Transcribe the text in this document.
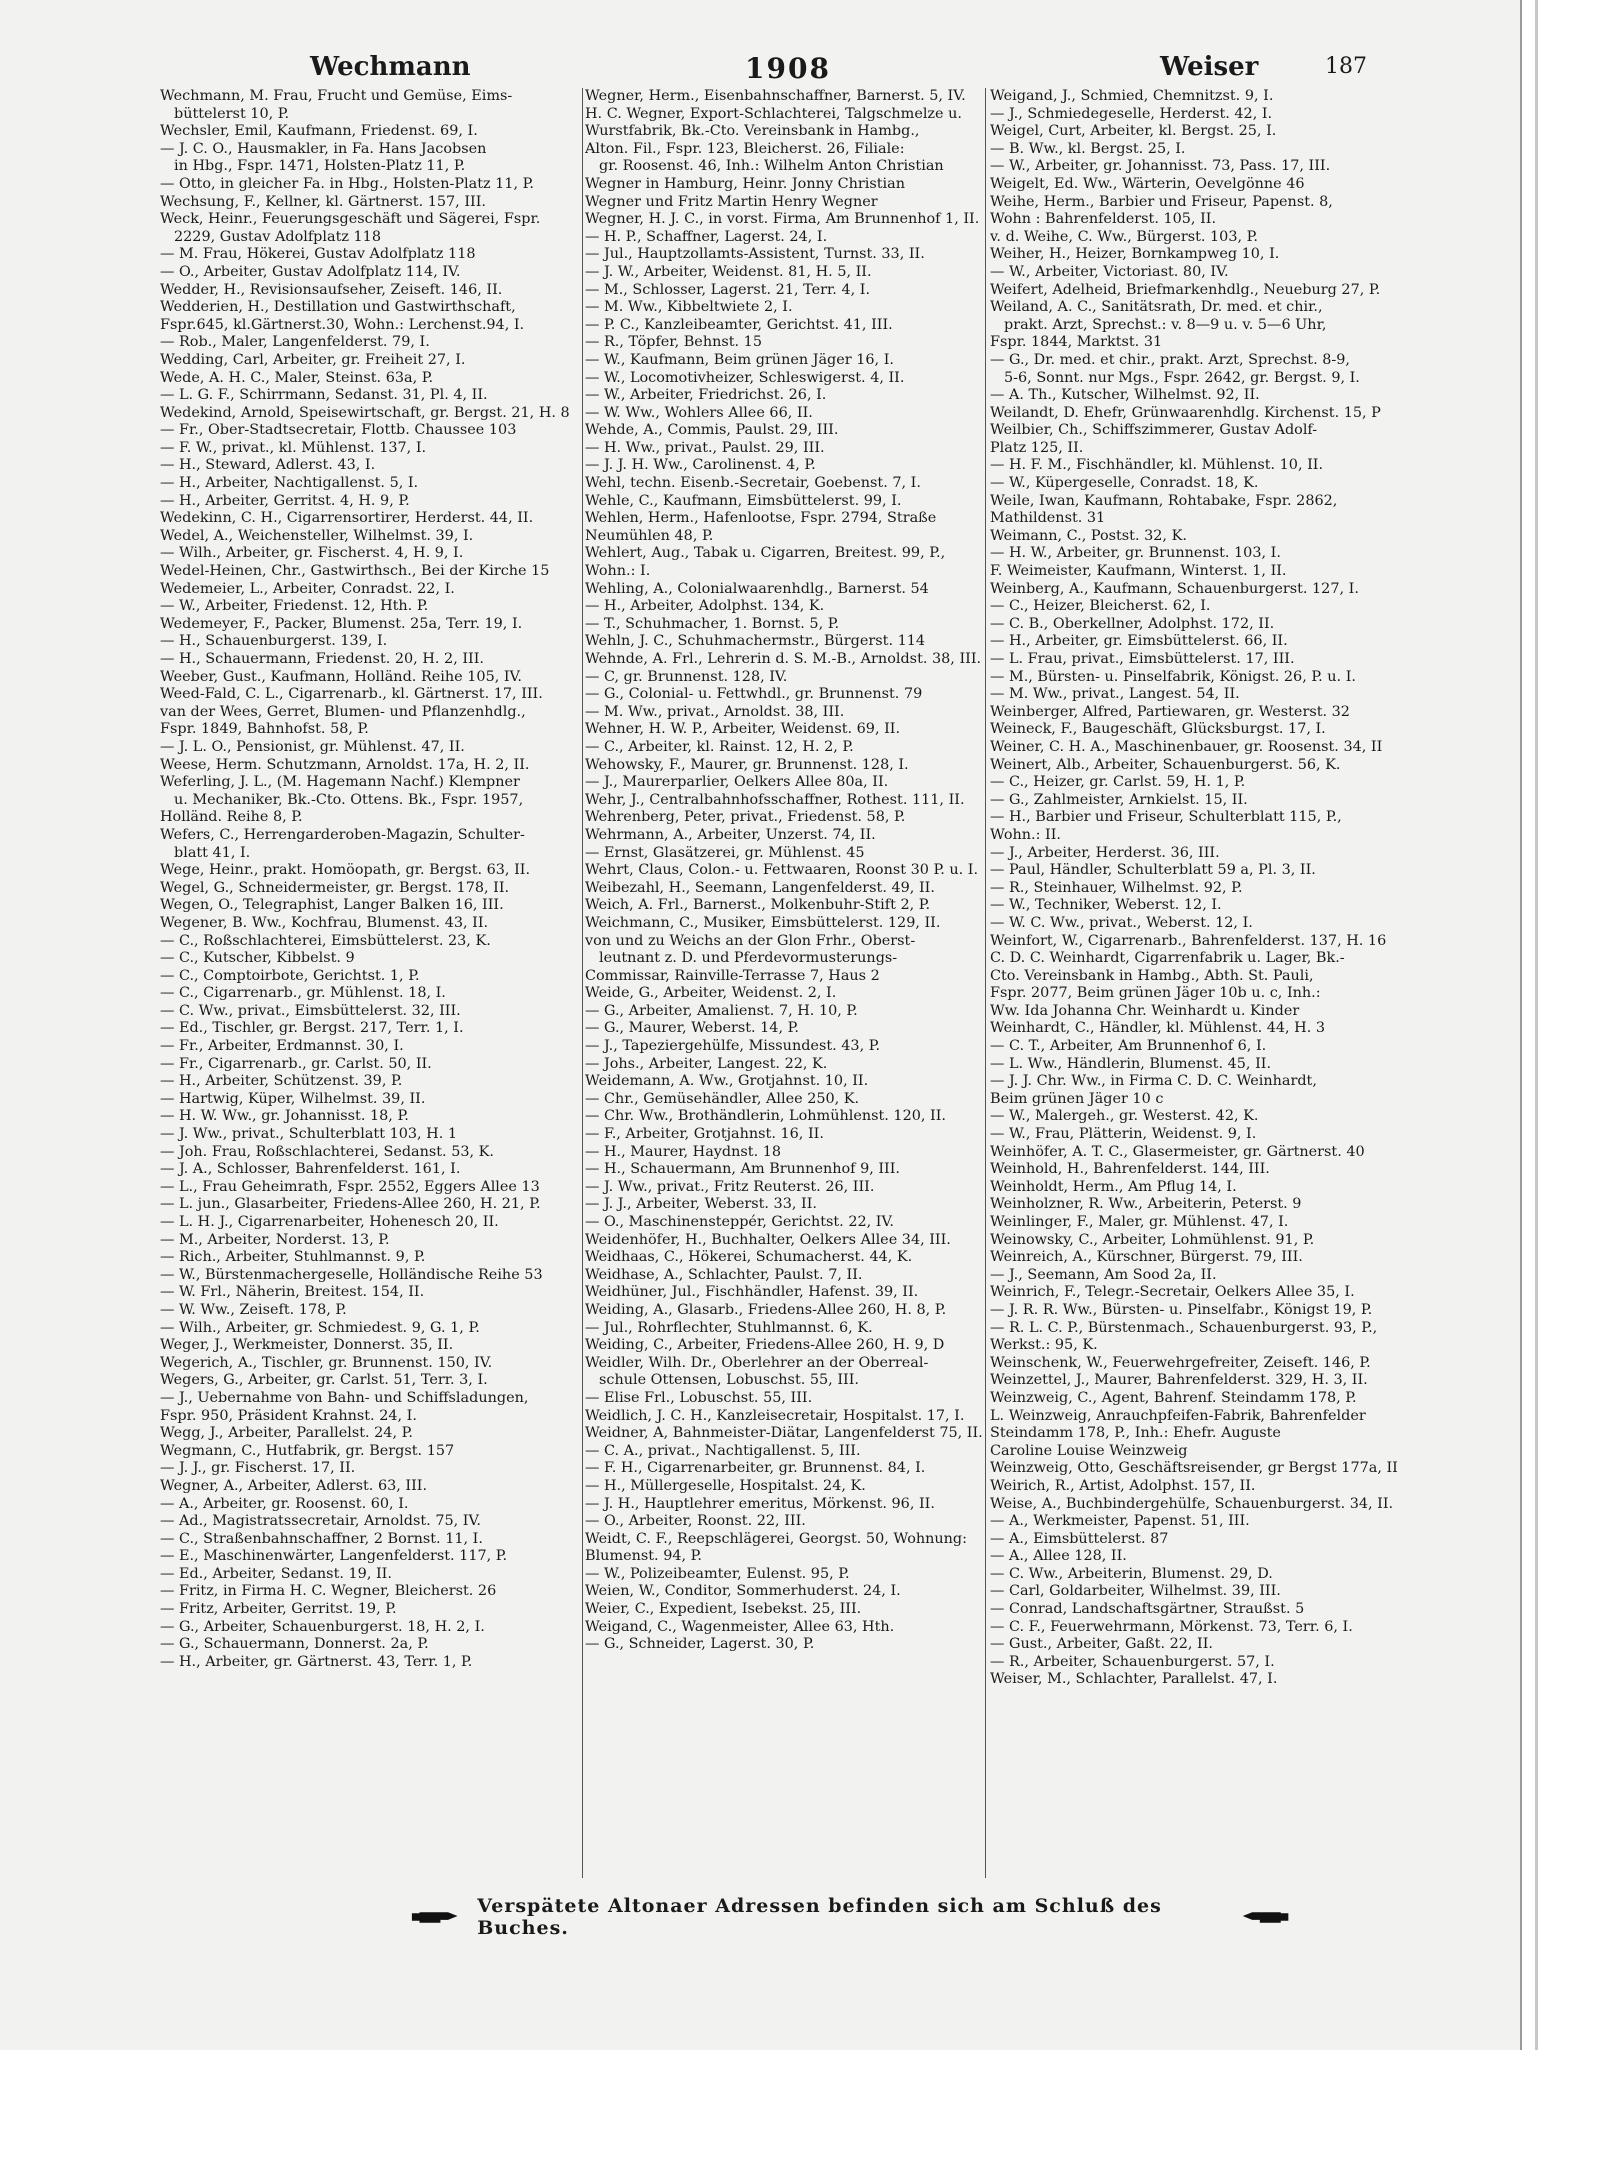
Wechmann	1908	Weiser	187
Wechmann, M. Frau, Frucht und Gemüse, Eims-
büttelerst 10, P.
Wechsler, Emil, Kaufmann, Friedenst. 69, I.
— J. C. O., Hausmakler, in Fa. Hans Jacobsen
in Hbg., Fspr. 1471, Holsten-Platz 11, P.
— Otto, in gleicher Fa. in Hbg., Holsten-Platz 11, P.
Wechsung, F., Kellner, kl. Gärtnerst. 157, III.
Weck, Heinr., Feuerungsgeschäft und Sägerei, Fspr.
2229, Gustav Adolfplatz 118
— M. Frau, Hökerei, Gustav Adolfplatz 118
— O., Arbeiter, Gustav Adolfplatz 114, IV.
Wedder, H., Revisionsaufseher, Zeiseft. 146, II.
Wedderien, H., Destillation und Gastwirthschaft,
Fspr.645, kl.Gärtnerst.30, Wohn.: Lerchenst.94, I.
— Rob., Maler, Langenfelderst. 79, I.
Wedding, Carl, Arbeiter, gr. Freiheit 27, I.
Wede, A. H. C., Maler, Steinst. 63a, P.
— L. G. F., Schirrmann, Sedanst. 31, Pl. 4, II.
Wedekind, Arnold, Speisewirtschaft, gr. Bergst. 21, H. 8
— Fr., Ober-Stadtsecretair, Flottb. Chaussee 103
— F. W., privat., kl. Mühlenst. 137, I.
— H., Steward, Adlerst. 43, I.
— H., Arbeiter, Nachtigallenst. 5, I.
— H., Arbeiter, Gerritst. 4, H. 9, P.
Wedekinn, C. H., Cigarrensortirer, Herderst. 44, II.
Wedel, A., Weichensteller, Wilhelmst. 39, I.
— Wilh., Arbeiter, gr. Fischerst. 4, H. 9, I.
Wedel-Heinen, Chr., Gastwirthsch., Bei der Kirche 15
Wedemeier, L., Arbeiter, Conradst. 22, I.
— W., Arbeiter, Friedenst. 12, Hth. P.
Wedemeyer, F., Packer, Blumenst. 25a, Terr. 19, I.
— H., Schauenburgerst. 139, I.
— H., Schauermann, Friedenst. 20, H. 2, III.
Weeber, Gust., Kaufmann, Holländ. Reihe 105, IV.
Weed-Fald, C. L., Cigarrenarb., kl. Gärtnerst. 17, III.
van der Wees, Gerret, Blumen- und Pflanzenhdlg.,
Fspr. 1849, Bahnhofst. 58, P.
— J. L. O., Pensionist, gr. Mühlenst. 47, II.
Weese, Herm. Schutzmann, Arnoldst. 17a, H. 2, II.
Weferling, J. L., (M. Hagemann Nachf.) Klempner
u. Mechaniker, Bk.-Cto. Ottens. Bk., Fspr. 1957,
Holländ. Reihe 8, P.
Wefers, C., Herrengarderoben-Magazin, Schulter-
blatt 41, I.
Wege, Heinr., prakt. Homöopath, gr. Bergst. 63, II.
Wegel, G., Schneidermeister, gr. Bergst. 178, II.
Wegen, O., Telegraphist, Langer Balken 16, III.
Wegener, B. Ww., Kochfrau, Blumenst. 43, II.
— C., Roßschlachterei, Eimsbüttelerst. 23, K.
— C., Kutscher, Kibbelst. 9
— C., Comptoirbote, Gerichtst. 1, P.
— C., Cigarrenarb., gr. Mühlenst. 18, I.
— C. Ww., privat., Eimsbüttelerst. 32, III.
— Ed., Tischler, gr. Bergst. 217, Terr. 1, I.
— Fr., Arbeiter, Erdmannst. 30, I.
— Fr., Cigarrenarb., gr. Carlst. 50, II.
— H., Arbeiter, Schützenst. 39, P.
— Hartwig, Küper, Wilhelmst. 39, II.
— H. W. Ww., gr. Johannisst. 18, P.
— J. Ww., privat., Schulterblatt 103, H. 1
— Joh. Frau, Roßschlachterei, Sedanst. 53, K.
— J. A., Schlosser, Bahrenfelderst. 161, I.
— L., Frau Geheimrath, Fspr. 2552, Eggers Allee 13
— L. jun., Glasarbeiter, Friedens-Allee 260, H. 21, P.
— L. H. J., Cigarrenarbeiter, Hohenesch 20, II.
— M., Arbeiter, Norderst. 13, P.
— Rich., Arbeiter, Stuhlmannst. 9, P.
— W., Bürstenmachergeselle, Holländische Reihe 53
— W. Frl., Näherin, Breitest. 154, II.
— W. Ww., Zeiseft. 178, P.
— Wilh., Arbeiter, gr. Schmiedest. 9, G. 1, P.
Weger, J., Werkmeister, Donnerst. 35, II.
Wegerich, A., Tischler, gr. Brunnenst. 150, IV.
Wegers, G., Arbeiter, gr. Carlst. 51, Terr. 3, I.
— J., Uebernahme von Bahn- und Schiffsladungen,
Fspr. 950, Präsident Krahnst. 24, I.
Wegg, J., Arbeiter, Parallelst. 24, P.
Wegmann, C., Hutfabrik, gr. Bergst. 157
— J. J., gr. Fischerst. 17, II.
Wegner, A., Arbeiter, Adlerst. 63, III.
— A., Arbeiter, gr. Roosenst. 60, I.
— Ad., Magistratssecretair, Arnoldst. 75, IV.
— C., Straßenbahnschaffner, 2 Bornst. 11, I.
— E., Maschinenwärter, Langenfelderst. 117, P.
— Ed., Arbeiter, Sedanst. 19, II.
— Fritz, in Firma H. C. Wegner, Bleicherst. 26
— Fritz, Arbeiter, Gerritst. 19, P.
— G., Arbeiter, Schauenburgerst. 18, H. 2, I.
— G., Schauermann, Donnerst. 2a, P.
— H., Arbeiter, gr. Gärtnerst. 43, Terr. 1, P.
Wegner, Herm., Eisenbahnschaffner, Barnerst. 5, IV.
H. C. Wegner, Export-Schlachterei, Talgschmelze u.
Wurstfabrik, Bk.-Cto. Vereinsbank in Hambg.,
Alton. Fil., Fspr. 123, Bleicherst. 26, Filiale:
gr. Roosenst. 46, Inh.: Wilhelm Anton Christian
Wegner in Hamburg, Heinr. Jonny Christian
Wegner und Fritz Martin Henry Wegner
Wegner, H. J. C., in vorst. Firma, Am Brunnenhof 1, II.
— H. P., Schaffner, Lagerst. 24, I.
— Jul., Hauptzollamts-Assistent, Turnst. 33, II.
— J. W., Arbeiter, Weidenst. 81, H. 5, II.
— M., Schlosser, Lagerst. 21, Terr. 4, I.
— M. Ww., Kibbeltwiete 2, I.
— P. C., Kanzleibeamter, Gerichtst. 41, III.
— R., Töpfer, Behnst. 15
— W., Kaufmann, Beim grünen Jäger 16, I.
— W., Locomotivheizer, Schleswigerst. 4, II.
— W., Arbeiter, Friedrichst. 26, I.
— W. Ww., Wohlers Allee 66, II.
Wehde, A., Commis, Paulst. 29, III.
— H. Ww., privat., Paulst. 29, III.
— J. J. H. Ww., Carolinenst. 4, P.
Wehl, techn. Eisenb.-Secretair, Goebenst. 7, I.
Wehle, C., Kaufmann, Eimsbüttelerst. 99, I.
Wehlen, Herm., Hafenlootse, Fspr. 2794, Straße
Neumühlen 48, P.
Wehlert, Aug., Tabak u. Cigarren, Breitest. 99, P.,
Wohn.: I.
Wehling, A., Colonialwaarenhdlg., Barnerst. 54
— H., Arbeiter, Adolphst. 134, K.
— T., Schuhmacher, 1. Bornst. 5, P.
Wehln, J. C., Schuhmachermstr., Bürgerst. 114
Wehnde, A. Frl., Lehrerin d. S. M.-B., Arnoldst. 38, III.
— C, gr. Brunnenst. 128, IV.
— G., Colonial- u. Fettwhdl., gr. Brunnenst. 79
— M. Ww., privat., Arnoldst. 38, III.
Wehner, H. W. P., Arbeiter, Weidenst. 69, II.
— C., Arbeiter, kl. Rainst. 12, H. 2, P.
Wehowsky, F., Maurer, gr. Brunnenst. 128, I.
— J., Maurerparlier, Oelkers Allee 80a, II.
Wehr, J., Centralbahnhofsschaffner, Rothest. 111, II.
Wehrenberg, Peter, privat., Friedenst. 58, P.
Wehrmann, A., Arbeiter, Unzerst. 74, II.
— Ernst, Glasätzerei, gr. Mühlenst. 45
Wehrt, Claus, Colon.- u. Fettwaaren, Roonst 30 P. u. I.
Weibezahl, H., Seemann, Langenfelderst. 49, II.
Weich, A. Frl., Barnerst., Molkenbuhr-Stift 2, P.
Weichmann, C., Musiker, Eimsbüttelerst. 129, II.
von und zu Weichs an der Glon Frhr., Oberst-
leutnant z. D. und Pferdevormusterungs-
Commissar, Rainville-Terrasse 7, Haus 2
Weide, G., Arbeiter, Weidenst. 2, I.
— G., Arbeiter, Amalienst. 7, H. 10, P.
— G., Maurer, Weberst. 14, P.
— J., Tapeziergehülfe, Missundest. 43, P.
— Johs., Arbeiter, Langest. 22, K.
Weidemann, A. Ww., Grotjahnst. 10, II.
— Chr., Gemüsehändler, Allee 250, K.
— Chr. Ww., Brothändlerin, Lohmühlenst. 120, II.
— F., Arbeiter, Grotjahnst. 16, II.
— H., Maurer, Haydnst. 18
— H., Schauermann, Am Brunnenhof 9, III.
— J. Ww., privat., Fritz Reuterst. 26, III.
— J. J., Arbeiter, Weberst. 33, II.
— O., Maschinensteppér, Gerichtst. 22, IV.
Weidenhöfer, H., Buchhalter, Oelkers Allee 34, III.
Weidhaas, C., Hökerei, Schumacherst. 44, K.
Weidhase, A., Schlachter, Paulst. 7, II.
Weidhüner, Jul., Fischhändler, Hafenst. 39, II.
Weiding, A., Glasarb., Friedens-Allee 260, H. 8, P.
— Jul., Rohrflechter, Stuhlmannst. 6, K.
Weiding, C., Arbeiter, Friedens-Allee 260, H. 9, D
Weidler, Wilh. Dr., Oberlehrer an der Oberreal-
schule Ottensen, Lobuschst. 55, III.
— Elise Frl., Lobuschst. 55, III.
Weidlich, J. C. H., Kanzleisecretair, Hospitalst. 17, I.
Weidner, A, Bahnmeister-Diätar, Langenfelderst 75, II.
— C. A., privat., Nachtigallenst. 5, III.
— F. H., Cigarrenarbeiter, gr. Brunnenst. 84, I.
— H., Müllergeselle, Hospitalst. 24, K.
— J. H., Hauptlehrer emeritus, Mörkenst. 96, II.
— O., Arbeiter, Roonst. 22, III.
Weidt, C. F., Reepschlägerei, Georgst. 50, Wohnung:
Blumenst. 94, P.
— W., Polizeibeamter, Eulenst. 95, P.
Weien, W., Conditor, Sommerhuderst. 24, I.
Weier, C., Expedient, Isebekst. 25, III.
Weigand, C., Wagenmeister, Allee 63, Hth.
— G., Schneider, Lagerst. 30, P.
Weigand, J., Schmied, Chemnitzst. 9, I.
— J., Schmiedegeselle, Herderst. 42, I.
Weigel, Curt, Arbeiter, kl. Bergst. 25, I.
— B. Ww., kl. Bergst. 25, I.
— W., Arbeiter, gr. Johannisst. 73, Pass. 17, III.
Weigelt, Ed. Ww., Wärterin, Oevelgönne 46
Weihe, Herm., Barbier und Friseur, Papenst. 8,
Wohn : Bahrenfelderst. 105, II.
v. d. Weihe, C. Ww., Bürgerst. 103, P.
Weiher, H., Heizer, Bornkampweg 10, I.
— W., Arbeiter, Victoriast. 80, IV.
Weifert, Adelheid, Briefmarkenhdlg., Neueburg 27, P.
Weiland, A. C., Sanitätsrath, Dr. med. et chir.,
prakt. Arzt, Sprechst.: v. 8—9 u. v. 5—6 Uhr,
Fspr. 1844, Marktst. 31
— G., Dr. med. et chir., prakt. Arzt, Sprechst. 8-9,
5-6, Sonnt. nur Mgs., Fspr. 2642, gr. Bergst. 9, I.
— A. Th., Kutscher, Wilhelmst. 92, II.
Weilandt, D. Ehefr, Grünwaarenhdlg. Kirchenst. 15, P
Weilbier, Ch., Schiffszimmerer, Gustav Adolf-
Platz 125, II.
— H. F. M., Fischhändler, kl. Mühlenst. 10, II.
— W., Küpergeselle, Conradst. 18, K.
Weile, Iwan, Kaufmann, Rohtabake, Fspr. 2862,
Mathildenst. 31
Weimann, C., Postst. 32, K.
— H. W., Arbeiter, gr. Brunnenst. 103, I.
F. Weimeister, Kaufmann, Winterst. 1, II.
Weinberg, A., Kaufmann, Schauenburgerst. 127, I.
— C., Heizer, Bleicherst. 62, I.
— C. B., Oberkellner, Adolphst. 172, II.
— H., Arbeiter, gr. Eimsbüttelerst. 66, II.
— L. Frau, privat., Eimsbüttelerst. 17, III.
— M., Bürsten- u. Pinselfabrik, Königst. 26, P. u. I.
— M. Ww., privat., Langest. 54, II.
Weinberger, Alfred, Partiewaren, gr. Westerst. 32
Weineck, F., Baugeschäft, Glücksburgst. 17, I.
Weiner, C. H. A., Maschinenbauer, gr. Roosenst. 34, II
Weinert, Alb., Arbeiter, Schauenburgerst. 56, K.
— C., Heizer, gr. Carlst. 59, H. 1, P.
— G., Zahlmeister, Arnkielst. 15, II.
— H., Barbier und Friseur, Schulterblatt 115, P.,
Wohn.: II.
— J., Arbeiter, Herderst. 36, III.
— Paul, Händler, Schulterblatt 59 a, Pl. 3, II.
— R., Steinhauer, Wilhelmst. 92, P.
— W., Techniker, Weberst. 12, I.
— W. C. Ww., privat., Weberst. 12, I.
Weinfort, W., Cigarrenarb., Bahrenfelderst. 137, H. 16
C. D. C. Weinhardt, Cigarrenfabrik u. Lager, Bk.-
Cto. Vereinsbank in Hambg., Abth. St. Pauli,
Fspr. 2077, Beim grünen Jäger 10b u. c, Inh.:
Ww. Ida Johanna Chr. Weinhardt u. Kinder
Weinhardt, C., Händler, kl. Mühlenst. 44, H. 3
— C. T., Arbeiter, Am Brunnenhof 6, I.
— L. Ww., Händlerin, Blumenst. 45, II.
— J. J. Chr. Ww., in Firma C. D. C. Weinhardt,
Beim grünen Jäger 10 c
— W., Malergeh., gr. Westerst. 42, K.
— W., Frau, Plätterin, Weidenst. 9, I.
Weinhöfer, A. T. C., Glasermeister, gr. Gärtnerst. 40
Weinhold, H., Bahrenfelderst. 144, III.
Weinholdt, Herm., Am Pflug 14, I.
Weinholzner, R. Ww., Arbeiterin, Peterst. 9
Weinlinger, F., Maler, gr. Mühlenst. 47, I.
Weinowsky, C., Arbeiter, Lohmühlenst. 91, P.
Weinreich, A., Kürschner, Bürgerst. 79, III.
— J., Seemann, Am Sood 2a, II.
Weinrich, F., Telegr.-Secretair, Oelkers Allee 35, I.
— J. R. R. Ww., Bürsten- u. Pinselfabr., Königst 19, P.
— R. L. C. P., Bürstenmach., Schauenburgerst. 93, P.,
Werkst.: 95, K.
Weinschenk, W., Feuerwehrgefreiter, Zeiseft. 146, P.
Weinzettel, J., Maurer, Bahrenfelderst. 329, H. 3, II.
Weinzweig, C., Agent, Bahrenf. Steindamm 178, P.
L. Weinzweig, Anrauchpfeifen-Fabrik, Bahrenfelder
Steindamm 178, P., Inh.: Ehefr. Auguste
Caroline Louise Weinzweig
Weinzweig, Otto, Geschäftsreisender, gr Bergst 177a, II
Weirich, R., Artist, Adolphst. 157, II.
Weise, A., Buchbindergehülfe, Schauenburgerst. 34, II.
— A., Werkmeister, Papenst. 51, III.
— A., Eimsbüttelerst. 87
— A., Allee 128, II.
— C. Ww., Arbeiterin, Blumenst. 29, D.
— Carl, Goldarbeiter, Wilhelmst. 39, III.
— Conrad, Landschaftsgärtner, Straußst. 5
— C. F., Feuerwehrmann, Mörkenst. 73, Terr. 6, I.
— Gust., Arbeiter, Gaßt. 22, II.
— R., Arbeiter, Schauenburgerst. 57, I.
Weiser, M., Schlachter, Parallelst. 47, I.
Verspätete Altonaer Adressen befinden sich am Schluß des Buches.
